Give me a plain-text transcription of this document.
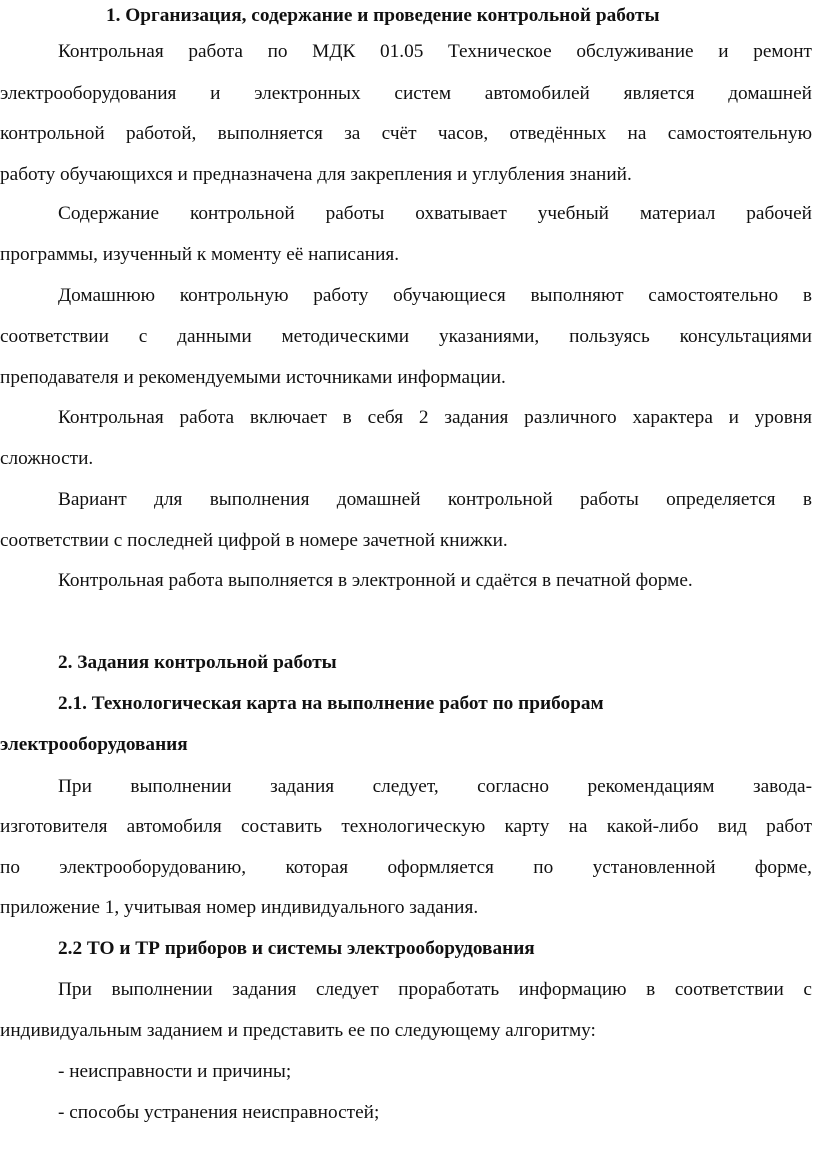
1. Организация, содержание и проведение контрольной работы
Контрольная работа по МДК 01.05 Техническое обслуживание и ремонт
электрооборудования и электронных систем автомобилей является домашней
контрольной работой, выполняется за счёт часов, отведённых на самостоятельную
работу обучающихся и предназначена для закрепления и углубления знаний.
Содержание контрольной работы охватывает учебный материал рабочей
программы, изученный к моменту её написания.
Домашнюю контрольную работу обучающиеся выполняют самостоятельно в
соответствии с данными методическими указаниями, пользуясь консультациями
преподавателя и рекомендуемыми источниками информации.
Контрольная работа включает в себя 2 задания различного характера и уровня
сложности.
Вариант для выполнения домашней контрольной работы определяется в
соответствии с последней цифрой в номере зачетной книжки.
Контрольная работа выполняется в электронной и сдаётся в печатной форме.
2. Задания контрольной работы
2.1. Технологическая карта на выполнение работ по приборам
электрооборудования
При выполнении задания следует, согласно рекомендациям завода-
изготовителя автомобиля составить технологическую карту на какой-либо вид работ
по электрооборудованию, которая оформляется по установленной форме,
приложение 1, учитывая номер индивидуального задания.
2.2 ТО и ТР приборов и системы электрооборудования
При выполнении задания следует проработать информацию в соответствии с
индивидуальным заданием и представить ее по следующему алгоритму:
- неисправности и причины;
- способы устранения неисправностей;
